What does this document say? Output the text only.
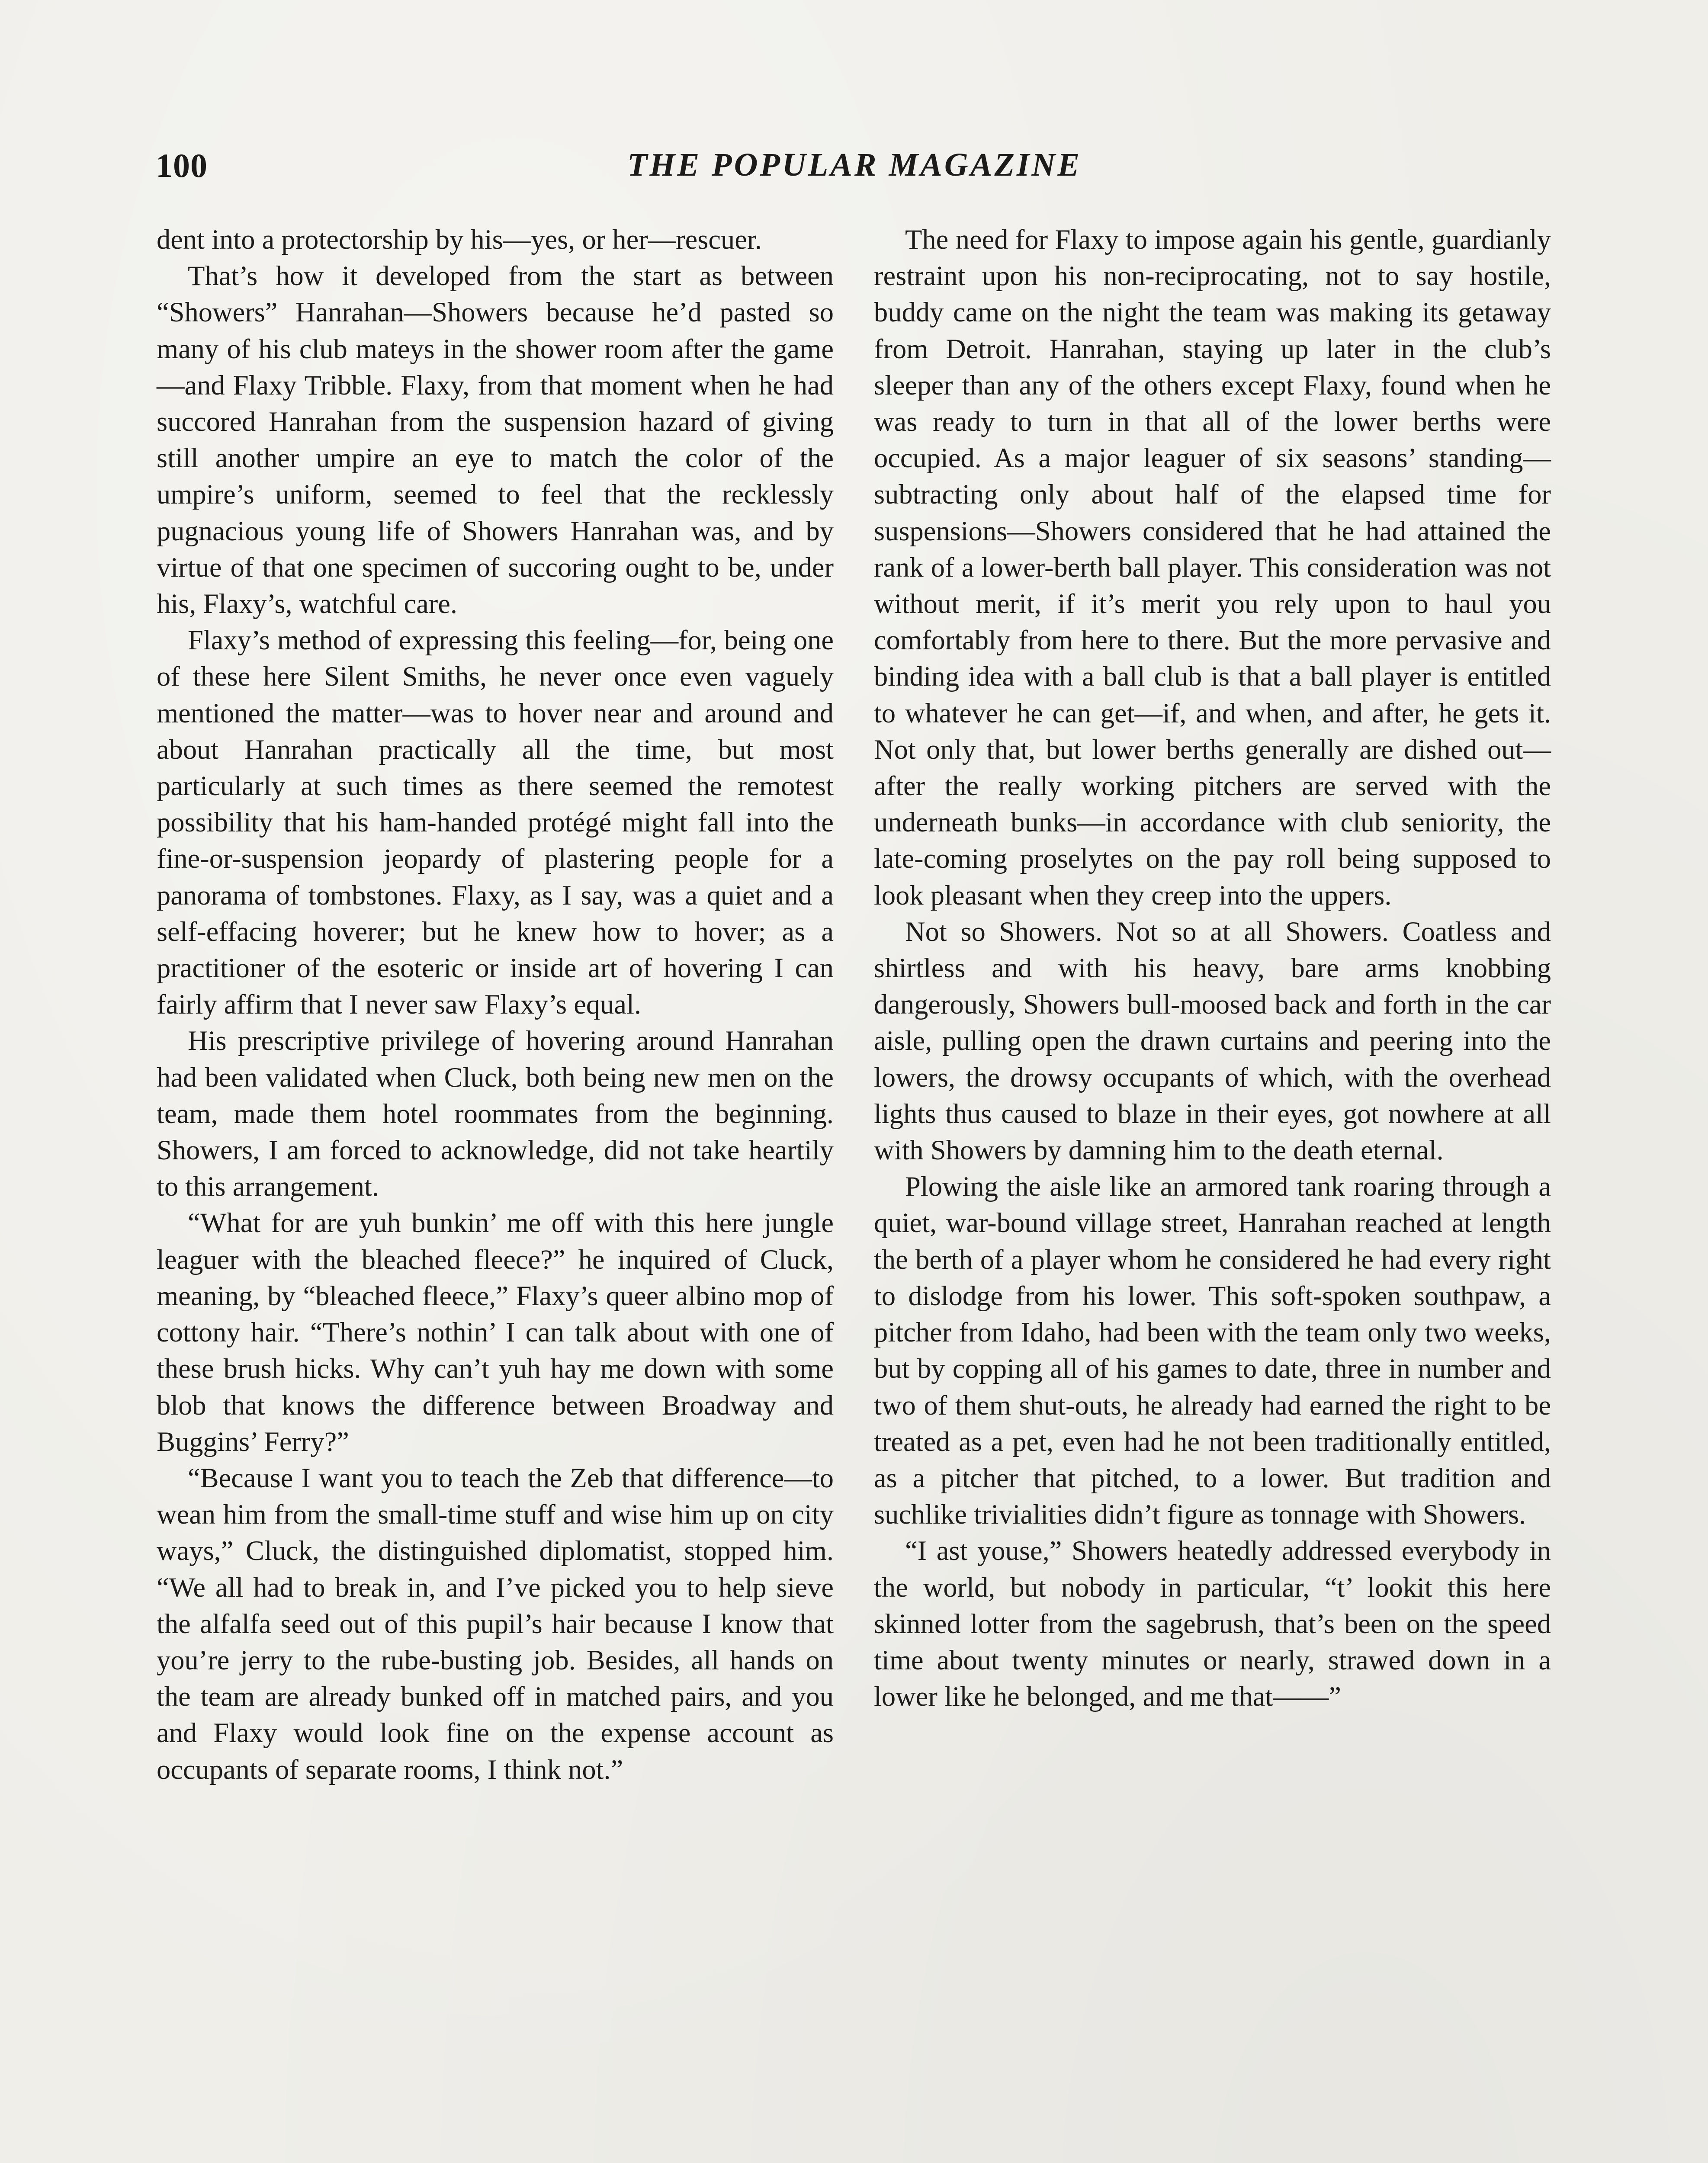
100	THE POPULAR MAGAZINE

dent into a protectorship by his—yes, or her—rescuer.

That’s how it developed from the start as between “Showers” Hanrahan—Showers because he’d pasted so many of his club mateys in the shower room after the game—and Flaxy Tribble. Flaxy, from that moment when he had succored Hanrahan from the suspension hazard of giving still another umpire an eye to match the color of the umpire’s uniform, seemed to feel that the recklessly pugnacious young life of Showers Hanrahan was, and by virtue of that one specimen of succoring ought to be, under his, Flaxy’s, watchful care.

Flaxy’s method of expressing this feeling—for, being one of these here Silent Smiths, he never once even vaguely mentioned the matter—was to hover near and around and about Hanrahan practically all the time, but most particularly at such times as there seemed the remotest possibility that his ham-handed protégé might fall into the fine-or-suspension jeopardy of plastering people for a panorama of tombstones. Flaxy, as I say, was a quiet and a self-effacing hoverer; but he knew how to hover; as a practitioner of the esoteric or inside art of hovering I can fairly affirm that I never saw Flaxy’s equal.

His prescriptive privilege of hovering around Hanrahan had been validated when Cluck, both being new men on the team, made them hotel roommates from the beginning. Showers, I am forced to acknowledge, did not take heartily to this arrangement.

“What for are yuh bunkin’ me off with this here jungle leaguer with the bleached fleece?” he inquired of Cluck, meaning, by “bleached fleece,” Flaxy’s queer albino mop of cottony hair. “There’s nothin’ I can talk about with one of these brush hicks. Why can’t yuh hay me down with some blob that knows the difference between Broadway and Buggins’ Ferry?”

“Because I want you to teach the Zeb that difference—to wean him from the small-time stuff and wise him up on city ways,” Cluck, the distinguished diplomatist, stopped him. “We all had to break in, and I’ve picked you to help sieve the alfalfa seed out of this pupil’s hair because I know that you’re jerry to the rube-busting job. Besides, all hands on the team are already bunked off in matched pairs, and you and Flaxy would look fine on the expense account as occupants of separate rooms, I think not.”

The need for Flaxy to impose again his gentle, guardianly restraint upon his non-reciprocating, not to say hostile, buddy came on the night the team was making its getaway from Detroit. Hanrahan, staying up later in the club’s sleeper than any of the others except Flaxy, found when he was ready to turn in that all of the lower berths were occupied. As a major leaguer of six seasons’ standing—subtracting only about half of the elapsed time for suspensions—Showers considered that he had attained the rank of a lower-berth ball player. This consideration was not without merit, if it’s merit you rely upon to haul you comfortably from here to there. But the more pervasive and binding idea with a ball club is that a ball player is entitled to whatever he can get—if, and when, and after, he gets it. Not only that, but lower berths generally are dished out—after the really working pitchers are served with the underneath bunks—in accordance with club seniority, the late-coming proselytes on the pay roll being supposed to look pleasant when they creep into the uppers.

Not so Showers. Not so at all Showers. Coatless and shirtless and with his heavy, bare arms knobbing dangerously, Showers bull-moosed back and forth in the car aisle, pulling open the drawn curtains and peering into the lowers, the drowsy occupants of which, with the overhead lights thus caused to blaze in their eyes, got nowhere at all with Showers by damning him to the death eternal.

Plowing the aisle like an armored tank roaring through a quiet, war-bound village street, Hanrahan reached at length the berth of a player whom he considered he had every right to dislodge from his lower. This soft-spoken southpaw, a pitcher from Idaho, had been with the team only two weeks, but by copping all of his games to date, three in number and two of them shut-outs, he already had earned the right to be treated as a pet, even had he not been traditionally entitled, as a pitcher that pitched, to a lower. But tradition and suchlike trivialities didn’t figure as tonnage with Showers.

“I ast youse,” Showers heatedly addressed everybody in the world, but nobody in particular, “t’ lookit this here skinned lotter from the sagebrush, that’s been on the speed time about twenty minutes or nearly, strawed down in a lower like he belonged, and me that——”
